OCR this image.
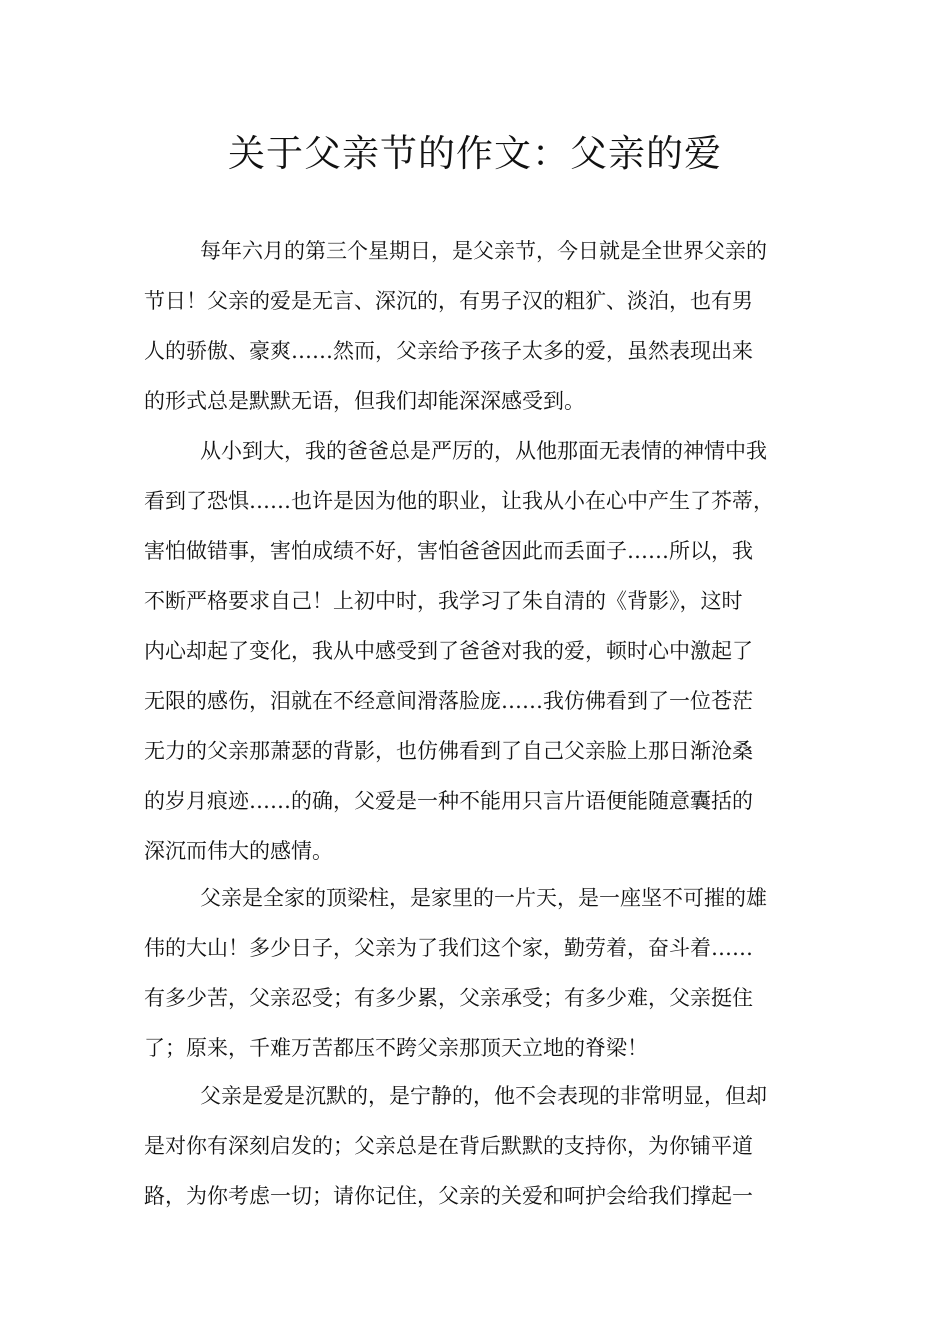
关于父亲节的作文：父亲的爱
每年六月的第三个星期日，是父亲节，今日就是全世界父亲的
节日！父亲的爱是无言、深沉的，有男子汉的粗犷、淡泊，也有男
人的骄傲、豪爽……然而，父亲给予孩子太多的爱，虽然表现出来
的形式总是默默无语，但我们却能深深感受到。
从小到大，我的爸爸总是严厉的，从他那面无表情的神情中我
看到了恐惧……也许是因为他的职业，让我从小在心中产生了芥蒂，
害怕做错事，害怕成绩不好，害怕爸爸因此而丢面子……所以，我
不断严格要求自己！上初中时，我学习了朱自清的《背影》，这时
内心却起了变化，我从中感受到了爸爸对我的爱，顿时心中激起了
无限的感伤，泪就在不经意间滑落脸庞……我仿佛看到了一位苍茫
无力的父亲那萧瑟的背影，也仿佛看到了自己父亲脸上那日渐沧桑
的岁月痕迹……的确，父爱是一种不能用只言片语便能随意囊括的
深沉而伟大的感情。
父亲是全家的顶梁柱，是家里的一片天，是一座坚不可摧的雄
伟的大山！多少日子，父亲为了我们这个家，勤劳着，奋斗着……
有多少苦，父亲忍受；有多少累，父亲承受；有多少难，父亲挺住
了；原来，千难万苦都压不跨父亲那顶天立地的脊梁！
父亲是爱是沉默的，是宁静的，他不会表现的非常明显，但却
是对你有深刻启发的；父亲总是在背后默默的支持你，为你铺平道
路，为你考虑一切；请你记住，父亲的关爱和呵护会给我们撑起一
